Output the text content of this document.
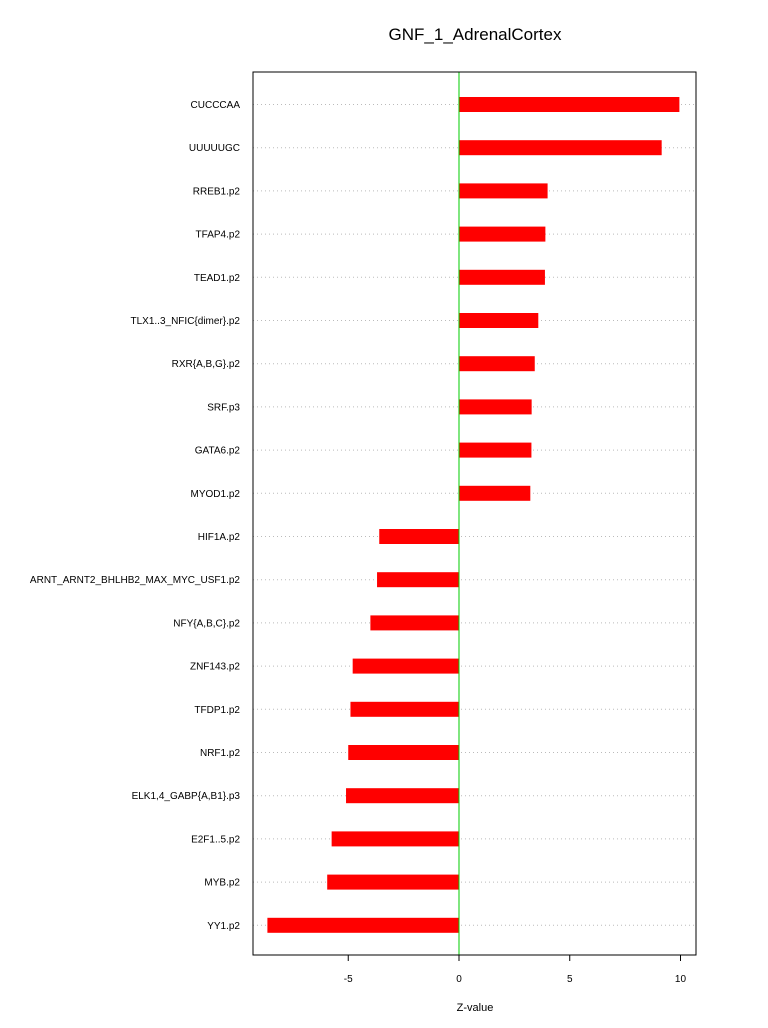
GNF_1_AdrenalCortex
CUCCCAA
UUUUUGC
RREB1.p2
TFAP4.p2
TEAD1.p2
TLX1..3_NFIC{dimer}.p2
RXR{A,B,G}.p2
SRF.p3
GATA6.p2
MYOD1.p2
HIF1A.p2
ARNT_ARNT2_BHLHB2_MAX_MYC_USF1.p2
NFY{A,B,C}.p2
ZNF143.p2
TFDP1.p2
NRF1.p2
ELK1,4_GABP{A,B1}.p3
E2F1..5.p2
MYB.p2
YY1.p2
-5	0	5	10
Z-value
